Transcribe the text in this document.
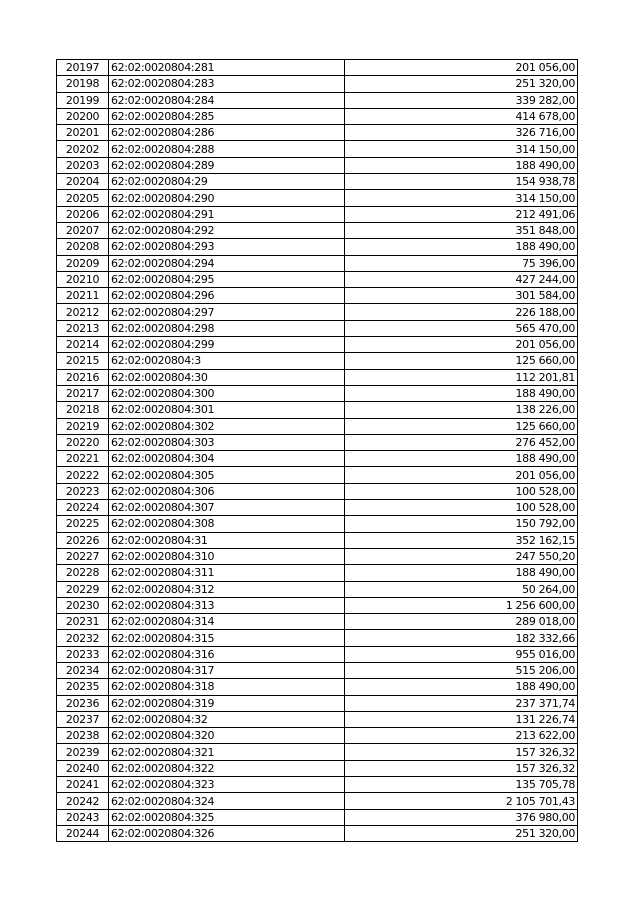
20197	62:02:0020804:281	201 056,00
20198	62:02:0020804:283	251 320,00
20199	62:02:0020804:284	339 282,00
20200	62:02:0020804:285	414 678,00
20201	62:02:0020804:286	326 716,00
20202	62:02:0020804:288	314 150,00
20203	62:02:0020804:289	188 490,00
20204	62:02:0020804:29	154 938,78
20205	62:02:0020804:290	314 150,00
20206	62:02:0020804:291	212 491,06
20207	62:02:0020804:292	351 848,00
20208	62:02:0020804:293	188 490,00
20209	62:02:0020804:294	75 396,00
20210	62:02:0020804:295	427 244,00
20211	62:02:0020804:296	301 584,00
20212	62:02:0020804:297	226 188,00
20213	62:02:0020804:298	565 470,00
20214	62:02:0020804:299	201 056,00
20215	62:02:0020804:3	125 660,00
20216	62:02:0020804:30	112 201,81
20217	62:02:0020804:300	188 490,00
20218	62:02:0020804:301	138 226,00
20219	62:02:0020804:302	125 660,00
20220	62:02:0020804:303	276 452,00
20221	62:02:0020804:304	188 490,00
20222	62:02:0020804:305	201 056,00
20223	62:02:0020804:306	100 528,00
20224	62:02:0020804:307	100 528,00
20225	62:02:0020804:308	150 792,00
20226	62:02:0020804:31	352 162,15
20227	62:02:0020804:310	247 550,20
20228	62:02:0020804:311	188 490,00
20229	62:02:0020804:312	50 264,00
20230	62:02:0020804:313	1 256 600,00
20231	62:02:0020804:314	289 018,00
20232	62:02:0020804:315	182 332,66
20233	62:02:0020804:316	955 016,00
20234	62:02:0020804:317	515 206,00
20235	62:02:0020804:318	188 490,00
20236	62:02:0020804:319	237 371,74
20237	62:02:0020804:32	131 226,74
20238	62:02:0020804:320	213 622,00
20239	62:02:0020804:321	157 326,32
20240	62:02:0020804:322	157 326,32
20241	62:02:0020804:323	135 705,78
20242	62:02:0020804:324	2 105 701,43
20243	62:02:0020804:325	376 980,00
20244	62:02:0020804:326	251 320,00
